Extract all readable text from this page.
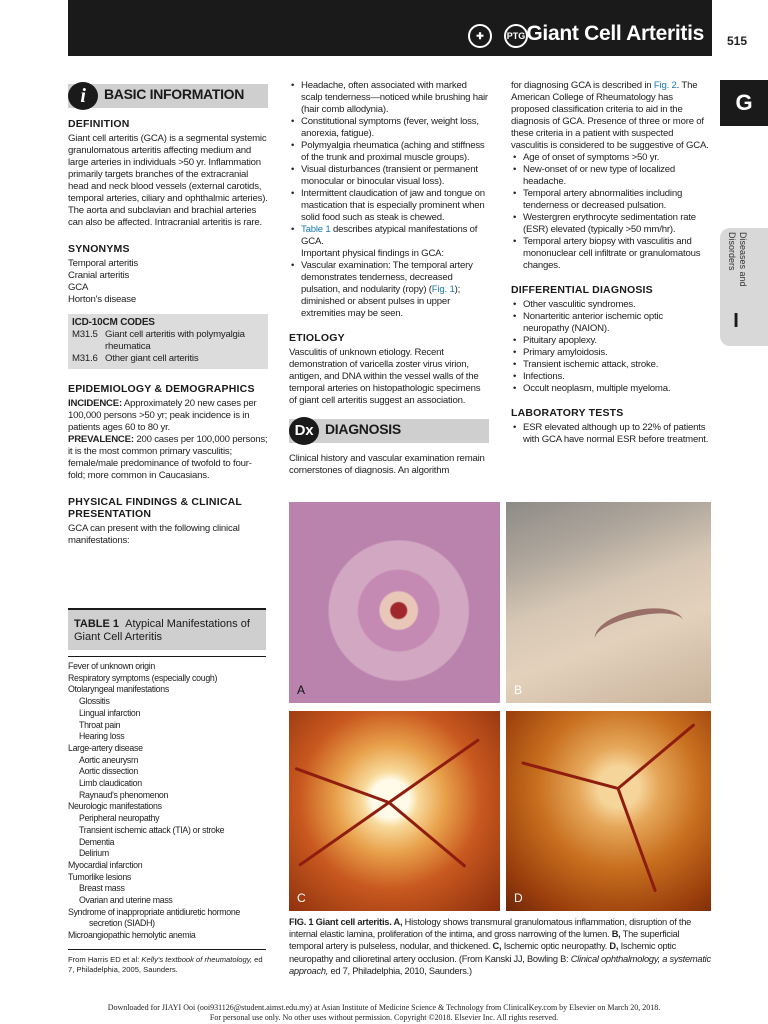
✚	PTG Giant Cell Arteritis 515
G
Diseases and Disorders
I
i	BASIC INFORMATION
DEFINITION

Giant cell arteritis (GCA) is a segmental systemic granulomatous arteritis affecting medium and large arteries in individuals >50 yr. Inflammation primarily targets branches of the extracranial head and neck blood vessels (external carotids, temporal arteries, ciliary and ophthalmic arteries). The aorta and subclavian and brachial arteries can also be affected. Intracranial arteritis is rare.

SYNONYMS

Temporal arteritis

Cranial arteritis

GCA

Horton's disease

ICD-10CM CODES
M31.5 Giant cell arteritis with polymyalgia rheumatica
M31.6 Other giant cell arteritis
EPIDEMIOLOGY & DEMOGRAPHICS

INCIDENCE: Approximately 20 new cases per 100,000 persons >50 yr; peak incidence is in patients ages 60 to 80 yr.

PREVALENCE: 200 cases per 100,000 persons; it is the most common primary vasculitis; female/male predominance of twofold to four-fold; more common in Caucasians.

PHYSICAL FINDINGS & CLINICAL PRESENTATION

GCA can present with the following clinical manifestations:

TABLE 1 Atypical Manifestations of Giant Cell Arteritis
Fever of unknown origin
Respiratory symptoms (especially cough)
Otolaryngeal manifestations
Glossitis
Lingual infarction
Throat pain
Hearing loss
Large-artery disease
Aortic aneurysm
Aortic dissection
Limb claudication
Raynaud's phenomenon
Neurologic manifestations
Peripheral neuropathy
Transient ischemic attack (TIA) or stroke
Dementia
Delirium
Myocardial infarction
Tumorlike lesions
Breast mass
Ovarian and uterine mass
Syndrome of inappropriate antidiuretic hormone
secretion (SIADH)
Microangiopathic hemolytic anemia
From Harris ED et al: Kelly's textbook of rheumatology, ed 7, Philadelphia, 2005, Saunders.

• Headache, often associated with marked scalp tenderness—noticed while brushing hair (hair comb allodynia).

• Constitutional symptoms (fever, weight loss, anorexia, fatigue).

• Polymyalgia rheumatica (aching and stiffness of the trunk and proximal muscle groups).

• Visual disturbances (transient or permanent monocular or binocular visual loss).

• Intermittent claudication of jaw and tongue on mastication that is especially prominent when solid food such as steak is chewed.

• Table 1 describes atypical manifestations of GCA.

Important physical findings in GCA:

• Vascular examination: The temporal artery demonstrates tenderness, decreased pulsation, and nodularity (ropy) (Fig. 1); diminished or absent pulses in upper extremities may be seen.

ETIOLOGY

Vasculitis of unknown etiology. Recent demonstration of varicella zoster virus virion, antigen, and DNA within the vessel walls of the temporal arteries on histopathologic specimens of giant cell arteritis suggest an association.

Dx DIAGNOSIS

Clinical history and vascular examination remain cornerstones of diagnosis. An algorithm

for diagnosing GCA is described in Fig. 2. The American College of Rheumatology has proposed classification criteria to aid in the diagnosis of GCA. Presence of three or more of these criteria in a patient with suspected vasculitis is considered to be suggestive of GCA.

• Age of onset of symptoms >50 yr.

• New-onset of or new type of localized headache.

• Temporal artery abnormalities including tenderness or decreased pulsation.

• Westergren erythrocyte sedimentation rate (ESR) elevated (typically >50 mm/hr).

• Temporal artery biopsy with vasculitis and mononuclear cell infiltrate or granulomatous changes.

DIFFERENTIAL DIAGNOSIS

• Other vasculitic syndromes.

• Nonarteritic anterior ischemic optic neuropathy (NAION).

• Pituitary apoplexy.

• Primary amyloidosis.

• Transient ischemic attack, stroke.

• Infections.

• Occult neoplasm, multiple myeloma.

LABORATORY TESTS

• ESR elevated although up to 22% of patients with GCA have normal ESR before treatment.

A	B
C	D
FIG. 1 Giant cell arteritis. A, Histology shows transmural granulomatous inflammation, disruption of the internal elastic lamina, proliferation of the intima, and gross narrowing of the lumen. B, The superficial temporal artery is pulseless, nodular, and thickened. C, Ischemic optic neuropathy. D, Ischemic optic neuropathy and cilioretinal artery occlusion. (From Kanski JJ, Bowling B: Clinical ophthalmology, a systematic approach, ed 7, Philadelphia, 2010, Saunders.)
Downloaded for JIAYI Ooi (ooi931126@student.aimst.edu.my) at Asian Institute of Medicine Science & Technology from ClinicalKey.com by Elsevier on March 20, 2018.
For personal use only. No other uses without permission. Copyright ©2018. Elsevier Inc. All rights reserved.
